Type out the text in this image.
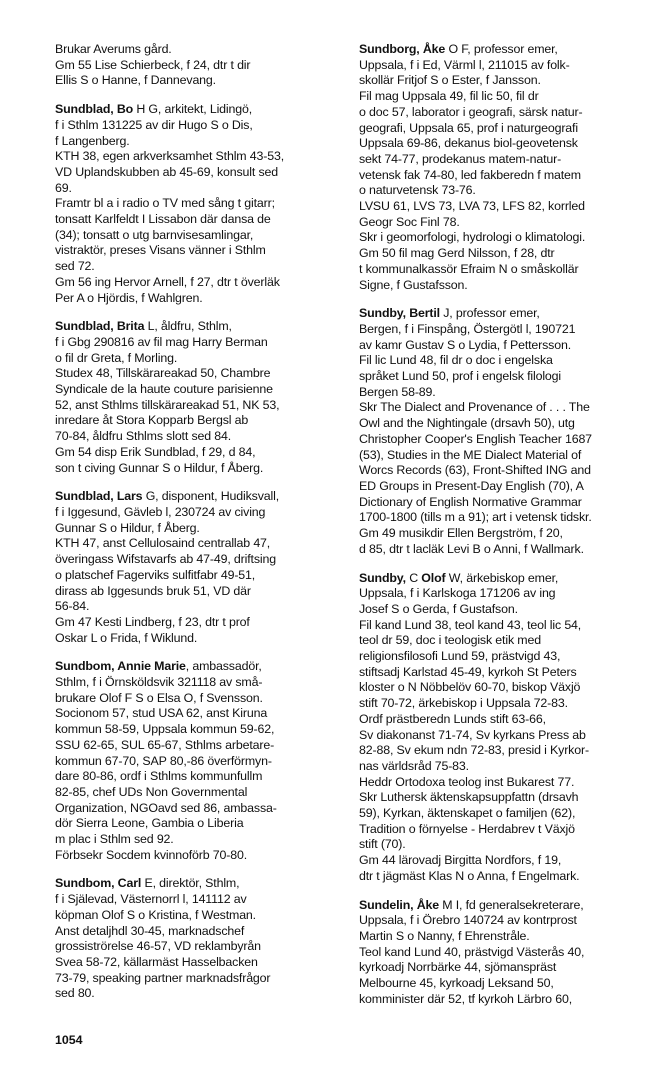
Brukar Averums gård.
Gm 55 Lise Schierbeck, f 24, dtr t dir
Ellis S o Hanne, f Dannevang.
Sundblad, Bo H G, arkitekt, Lidingö,
f i Sthlm 131225 av dir Hugo S o Dis,
f Langenberg.
KTH 38, egen arkverksamhet Sthlm 43-53,
VD Uplandskubben ab 45-69, konsult sed
69.
Framtr bl a i radio o TV med sång t gitarr;
tonsatt Karlfeldt I Lissabon där dansa de
(34); tonsatt o utg barnvisesamlingar,
vistraktör, preses Visans vänner i Sthlm
sed 72.
Gm 56 ing Hervor Arnell, f 27, dtr t överläk
Per A o Hjördis, f Wahlgren.
Sundblad, Brita L, åldfru, Sthlm,
f i Gbg 290816 av fil mag Harry Berman
o fil dr Greta, f Morling.
Studex 48, Tillskärareakad 50, Chambre
Syndicale de la haute couture parisienne
52, anst Sthlms tillskärareakad 51, NK 53,
inredare åt Stora Kopparb Bergsl ab
70-84, åldfru Sthlms slott sed 84.
Gm 54 disp Erik Sundblad, f 29, d 84,
son t civing Gunnar S o Hildur, f Åberg.
Sundblad, Lars G, disponent, Hudiksvall,
f i Iggesund, Gävleb l, 230724 av civing
Gunnar S o Hildur, f Åberg.
KTH 47, anst Cellulosaind centrallab 47,
överingass Wifstavarfs ab 47-49, driftsing
o platschef Fagerviks sulfitfabr 49-51,
dirass ab Iggesunds bruk 51, VD där
56-84.
Gm 47 Kesti Lindberg, f 23, dtr t prof
Oskar L o Frida, f Wiklund.
Sundbom, Annie Marie, ambassadör,
Sthlm, f i Örnsköldsvik 321118 av små-
brukare Olof F S o Elsa O, f Svensson.
Socionom 57, stud USA 62, anst Kiruna
kommun 58-59, Uppsala kommun 59-62,
SSU 62-65, SUL 65-67, Sthlms arbetare-
kommun 67-70, SAP 80,-86 överförmyn-
dare 80-86, ordf i Sthlms kommunfullm
82-85, chef UDs Non Governmental
Organization, NGOavd sed 86, ambassa-
dör Sierra Leone, Gambia o Liberia
m plac i Sthlm sed 92.
Förbsekr Socdem kvinnoförb 70-80.
Sundbom, Carl E, direktör, Sthlm,
f i Själevad, Västernorrl l, 141112 av
köpman Olof S o Kristina, f Westman.
Anst detaljhdl 30-45, marknadschef
grossiströrelse 46-57, VD reklambyrån
Svea 58-72, källarmäst Hasselbacken
73-79, speaking partner marknadsfrågor
sed 80.
Sundborg, Åke O F, professor emer,
Uppsala, f i Ed, Värml l, 211015 av folk-
skollär Fritjof S o Ester, f Jansson.
Fil mag Uppsala 49, fil lic 50, fil dr
o doc 57, laborator i geografi, särsk natur-
geografi, Uppsala 65, prof i naturgeografi
Uppsala 69-86, dekanus biol-geovetensk
sekt 74-77, prodekanus matem-natur-
vetensk fak 74-80, led fakberedn f matem
o naturvetensk 73-76.
LVSU 61, LVS 73, LVA 73, LFS 82, korrled
Geogr Soc Finl 78.
Skr i geomorfologi, hydrologi o klimatologi.
Gm 50 fil mag Gerd Nilsson, f 28, dtr
t kommunalkassör Efraim N o småskollär
Signe, f Gustafsson.
Sundby, Bertil J, professor emer,
Bergen, f i Finspång, Östergötl l, 190721
av kamr Gustav S o Lydia, f Pettersson.
Fil lic Lund 48, fil dr o doc i engelska
språket Lund 50, prof i engelsk filologi
Bergen 58-89.
Skr The Dialect and Provenance of . . . The
Owl and the Nightingale (drsavh 50), utg
Christopher Cooper's English Teacher 1687
(53), Studies in the ME Dialect Material of
Worcs Records (63), Front-Shifted ING and
ED Groups in Present-Day English (70), A
Dictionary of English Normative Grammar
1700-1800 (tills m a 91); art i vetensk tidskr.
Gm 49 musikdir Ellen Bergström, f 20,
d 85, dtr t lacläk Levi B o Anni, f Wallmark.
Sundby, C Olof W, ärkebiskop emer,
Uppsala, f i Karlskoga 171206 av ing
Josef S o Gerda, f Gustafson.
Fil kand Lund 38, teol kand 43, teol lic 54,
teol dr 59, doc i teologisk etik med
religionsfilosofi Lund 59, prästvigd 43,
stiftsadj Karlstad 45-49, kyrkoh St Peters
kloster o N Nöbbelöv 60-70, biskop Växjö
stift 70-72, ärkebiskop i Uppsala 72-83.
Ordf prästberedn Lunds stift 63-66,
Sv diakonanst 71-74, Sv kyrkans Press ab
82-88, Sv ekum ndn 72-83, presid i Kyrkor-
nas världsråd 75-83.
Heddr Ortodoxa teolog inst Bukarest 77.
Skr Luthersk äktenskapsuppfattn (drsavh
59), Kyrkan, äktenskapet o familjen (62),
Tradition o förnyelse - Herdabrev t Växjö
stift (70).
Gm 44 lärovadj Birgitta Nordfors, f 19,
dtr t jägmäst Klas N o Anna, f Engelmark.
Sundelin, Åke M I, fd generalsekreterare,
Uppsala, f i Örebro 140724 av kontrprost
Martin S o Nanny, f Ehrenstråle.
Teol kand Lund 40, prästvigd Västerås 40,
kyrkoadj Norrbärke 44, sjömanspräst
Melbourne 45, kyrkoadj Leksand 50,
komminister där 52, tf kyrkoh Lärbro 60,
1054
